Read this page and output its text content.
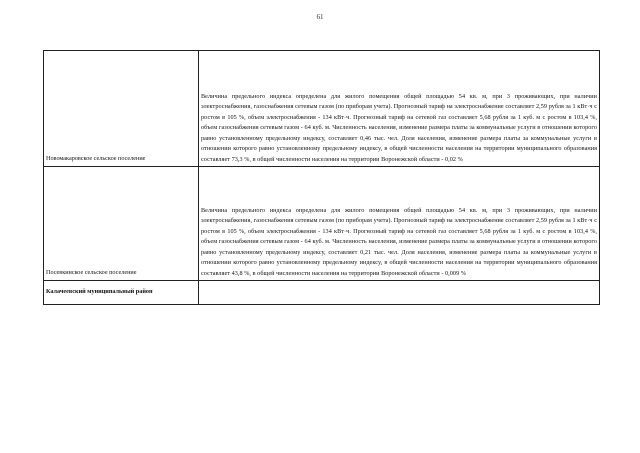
61
Новомакаровское сельское поселение	Величина предельного индекса определена для жилого помещения общей площадью 54 кв. м, при 3 проживающих, при наличии электроснабжения, газоснабжения сетевым газом (по приборам учета). Прогнозный тариф на электроснабжение составляет 2,59 рубля за 1 кВт·ч с ростом в 105 %, объем электроснабжения - 134 кВт·ч. Прогнозный тариф на сетевой газ составляет 5,68 рубля за 1 куб. м с ростом в 103,4 %, объем газоснабжения сетевым газом - 64 куб. м. Численность населения, изменение размера платы за коммунальные услуги в отношении которого равно установленному предельному индексу, составляет 0,46 тыс. чел. Доля населения, изменение размера платы за коммунальные услуги в отношении которого равно установленному предельному индексу, в общей численности населения на территории муниципального образования составляет 73,3 %, в общей численности населения на территории Воронежской области - 0,02 %
Посевкинское сельское поселение	Величина предельного индекса определена для жилого помещения общей площадью 54 кв. м, при 3 проживающих, при наличии электроснабжения, газоснабжения сетевым газом (по приборам учета). Прогнозный тариф на электроснабжение составляет 2,59 рубля за 1 кВт·ч с ростом в 105 %, объем электроснабжения - 134 кВт·ч. Прогнозный тариф на сетевой газ составляет 5,68 рубля за 1 куб. м с ростом в 103,4 %, объем газоснабжения сетевым газом - 64 куб. м. Численность населения, изменение размера платы за коммунальные услуги в отношении которого равно установленному предельному индексу, составляет 0,21 тыс. чел. Доля населения, изменение размера платы за коммунальные услуги в отношении которого равно установленному предельному индексу, в общей численности населения на территории муниципального образования составляет 43,8 %, в общей численности населения на территории Воронежской области - 0,009 %
Калачеевский муниципальный район	
